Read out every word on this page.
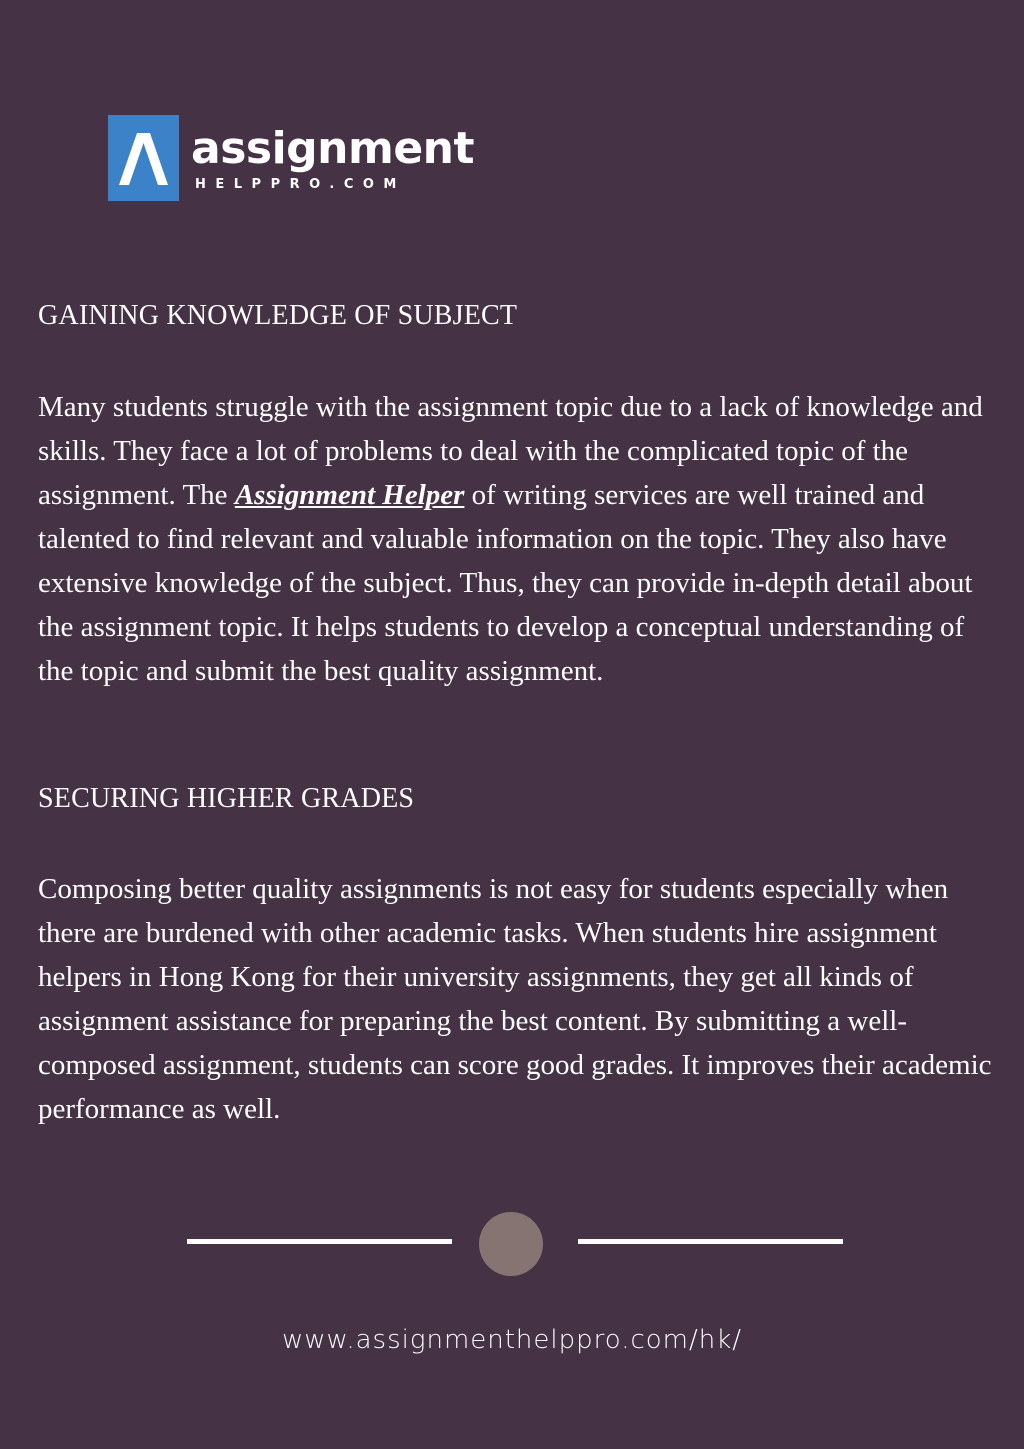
assignment
HELPPRO.COM
GAINING KNOWLEDGE OF SUBJECT

Many students struggle with the assignment topic due to a lack of knowledge and skills. They face a lot of problems to deal with the complicated topic of the assignment. The Assignment Helper of writing services are well trained and talented to find relevant and valuable information on the topic. They also have extensive knowledge of the subject. Thus, they can provide in-depth detail about the assignment topic. It helps students to develop a conceptual understanding of the topic and submit the best quality assignment.

SECURING HIGHER GRADES

Composing better quality assignments is not easy for students especially when there are burdened with other academic tasks. When students hire assignment helpers in Hong Kong for their university assignments, they get all kinds of assignment assistance for preparing the best content. By submitting a well-composed assignment, students can score good grades. It improves their academic performance as well.

www.assignmenthelppro.com/hk/
